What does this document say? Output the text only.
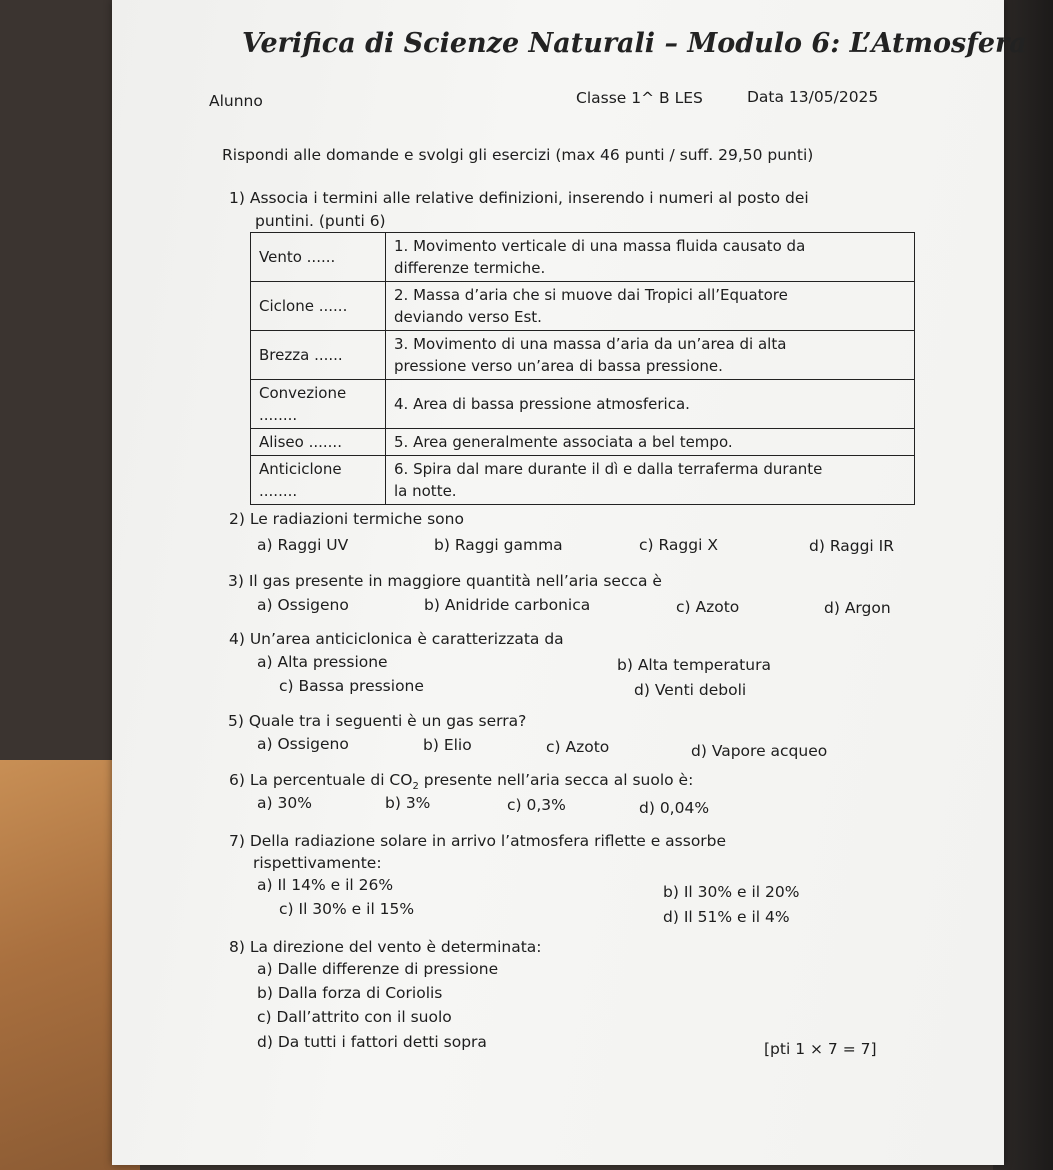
Verifica di Scienze Naturali – Modulo 6: L’Atmosfera
Alunno	Classe 1^ B LES	Data 13/05/2025
Rispondi alle domande e svolgi gli esercizi (max 46 punti / suff. 29,50 punti)
1) Associa i termini alle relative definizioni, inserendo i numeri al posto dei
puntini. (punti 6)
Vento ......	1. Movimento verticale di una massa fluida causato da
differenze termiche.

Ciclone ......	2. Massa d’aria che si muove dai Tropici all’Equatore
deviando verso Est.

Brezza ......	3. Movimento di una massa d’aria da un’area di alta
pressione verso un’area di bassa pressione.

Convezione ........	4. Area di bassa pressione atmosferica.

Aliseo .......	5. Area generalmente associata a bel tempo.

Anticiclone ........	6. Spira dal mare durante il dì e dalla terraferma durante
la notte.
2) Le radiazioni termiche sono
a) Raggi UV	b) Raggi gamma	c) Raggi X	d) Raggi IR
3) Il gas presente in maggiore quantità nell’aria secca è
a) Ossigeno	b) Anidride carbonica	c) Azoto	d) Argon
4) Un’area anticiclonica è caratterizzata da
a) Alta pressione	b) Alta temperatura
c) Bassa pressione	d) Venti deboli
5) Quale tra i seguenti è un gas serra?
a) Ossigeno	b) Elio	c) Azoto	d) Vapore acqueo
6) La percentuale di $CO_2$ presente nell’aria secca al suolo è:
a) 30%	b) 3%	c) 0,3%	d) 0,04%
7) Della radiazione solare in arrivo l’atmosfera riflette e assorbe
rispettivamente:
a) Il 14% e il 26%	b) Il 30% e il 20%
c) Il 30% e il 15%	d) Il 51% e il 4%
8) La direzione del vento è determinata:
a) Dalle differenze di pressione
b) Dalla forza di Coriolis
c) Dall’attrito con il suolo
d) Da tutti i fattori detti sopra	[pti 1 × 7 = 7]
